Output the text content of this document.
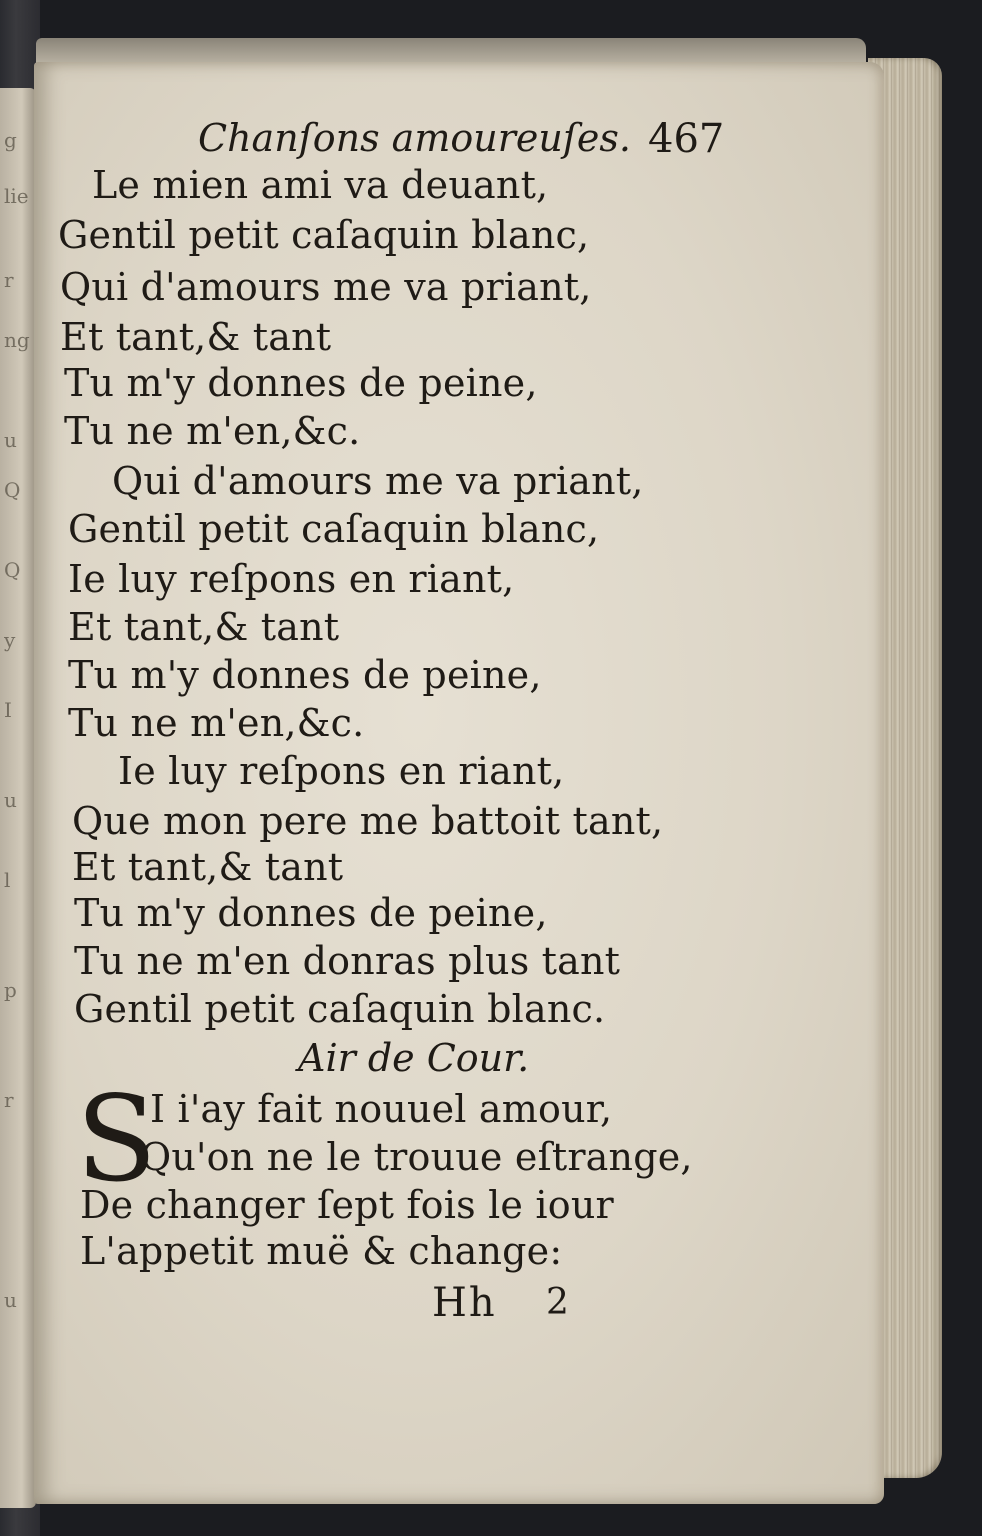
g
lie
r
ng
u
Q
Q
y
I
u
l
p
r
u
Chanſons amoureuſes. 467
Le mien ami va deuant,
Gentil petit caſaquin blanc,
Qui d'amours me va priant,
Et tant,& tant
Tu m'y donnes de peine,
Tu ne m'en,&c.
Qui d'amours me va priant,
Gentil petit caſaquin blanc,
Ie luy reſpons en riant,
Et tant,& tant
Tu m'y donnes de peine,
Tu ne m'en,&c.
Ie luy reſpons en riant,
Que mon pere me battoit tant,
Et tant,& tant
Tu m'y donnes de peine,
Tu ne m'en donras plus tant
Gentil petit caſaquin blanc.
Air de Cour.
S
I i'ay fait nouuel amour,
Qu'on ne le trouue eſtrange,
De changer ſept fois le iour
L'appetit muë & change:
Hh 2
